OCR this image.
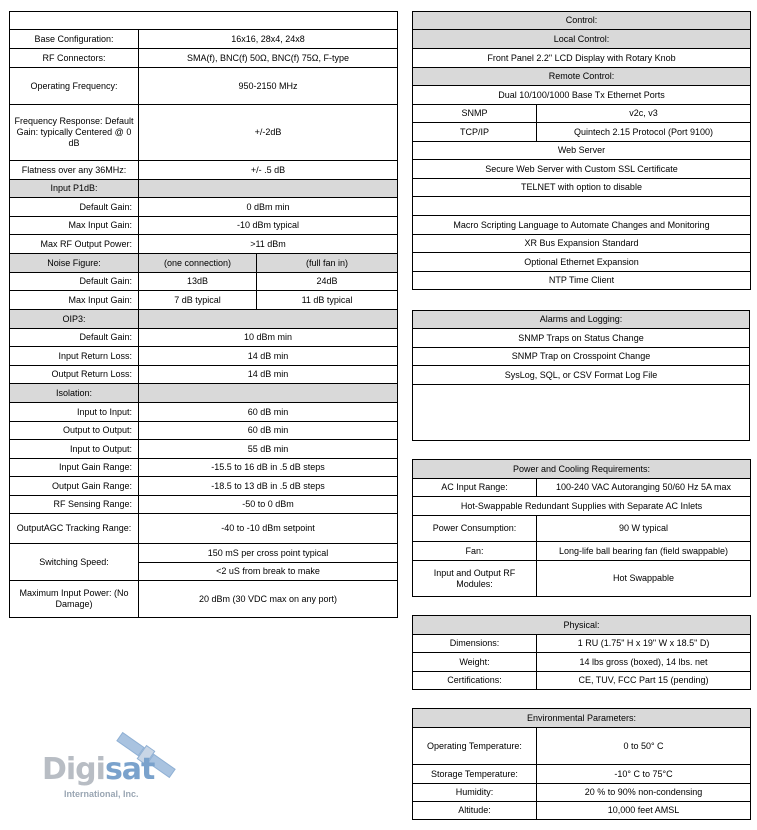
Base Configuration:	16x16, 28x4, 24x8	
RF Connectors:	SMA(f), BNC(f) 50Ω, BNC(f) 75Ω, F-type	
Operating Frequency:	950-2150 MHz	
Frequency Response: Default Gain: typically Centered @ 0 dB	+/-2dB	
Flatness over any 36MHz:	+/- .5 dB	
Input P1dB:		
Default Gain:	0 dBm min	
Max Input Gain:	-10 dBm typical	
Max RF Output Power:	>11 dBm	
Noise Figure:	(one connection)	(full fan in)
Default Gain:	13dB	24dB
Max Input Gain:	7 dB typical	11 dB typical
OIP3:		
Default Gain:	10 dBm min	
Input Return Loss:	14 dB min	
Output Return Loss:	14 dB min	
Isolation:		
Input to Input:	60 dB min	
Output to Output:	60 dB min	
Input to Output:	55 dB min	
Input Gain Range:	-15.5 to 16 dB in .5 dB steps	
Output Gain Range:	-18.5 to 13 dB in .5 dB steps	
RF Sensing Range:	-50 to 0 dBm	
OutputAGC Tracking Range:	-40 to -10 dBm setpoint	
Switching Speed:	150 mS per cross point typical	
	<2 uS from break to make	
Maximum Input Power: (No Damage)	20 dBm (30 VDC max on any port)	
Control:	
Local Control:	
Front Panel 2.2" LCD Display with Rotary Knob	
Remote Control:	
Dual 10/100/1000 Base Tx Ethernet Ports	
SNMP	v2c, v3
TCP/IP	Quintech 2.15 Protocol (Port 9100)
Web Server	
Secure Web Server with Custom SSL Certificate	
TELNET with option to disable	

Macro Scripting Language to Automate Changes and Monitoring	
XR Bus Expansion Standard	
Optional Ethernet Expansion	
NTP Time Client	
Alarms and Logging:
SNMP Traps on Status Change
SNMP Trap on Crosspoint Change
SysLog, SQL, or CSV Format Log File

Power and Cooling Requirements:	
AC Input Range:	100-240 VAC Autoranging 50/60 Hz 5A max
Hot-Swappable Redundant Supplies with Separate AC Inlets	
Power Consumption:	90 W typical
Fan:	Long-life ball bearing fan (field swappable)
Input and Output RF Modules:	Hot Swappable
Physical:	
Dimensions:	1 RU (1.75" H x 19" W x 18.5" D)
Weight:	14 lbs gross (boxed), 14 lbs. net
Certifications:	CE, TUV, FCC Part 15 (pending)
Environmental Parameters:	
Operating Temperature:	0 to 50° C
Storage Temperature:	-10° C to 75°C
Humidity:	20 % to 90% non-condensing
Altitude:	10,000 feet AMSL
Digisat
International, Inc.
